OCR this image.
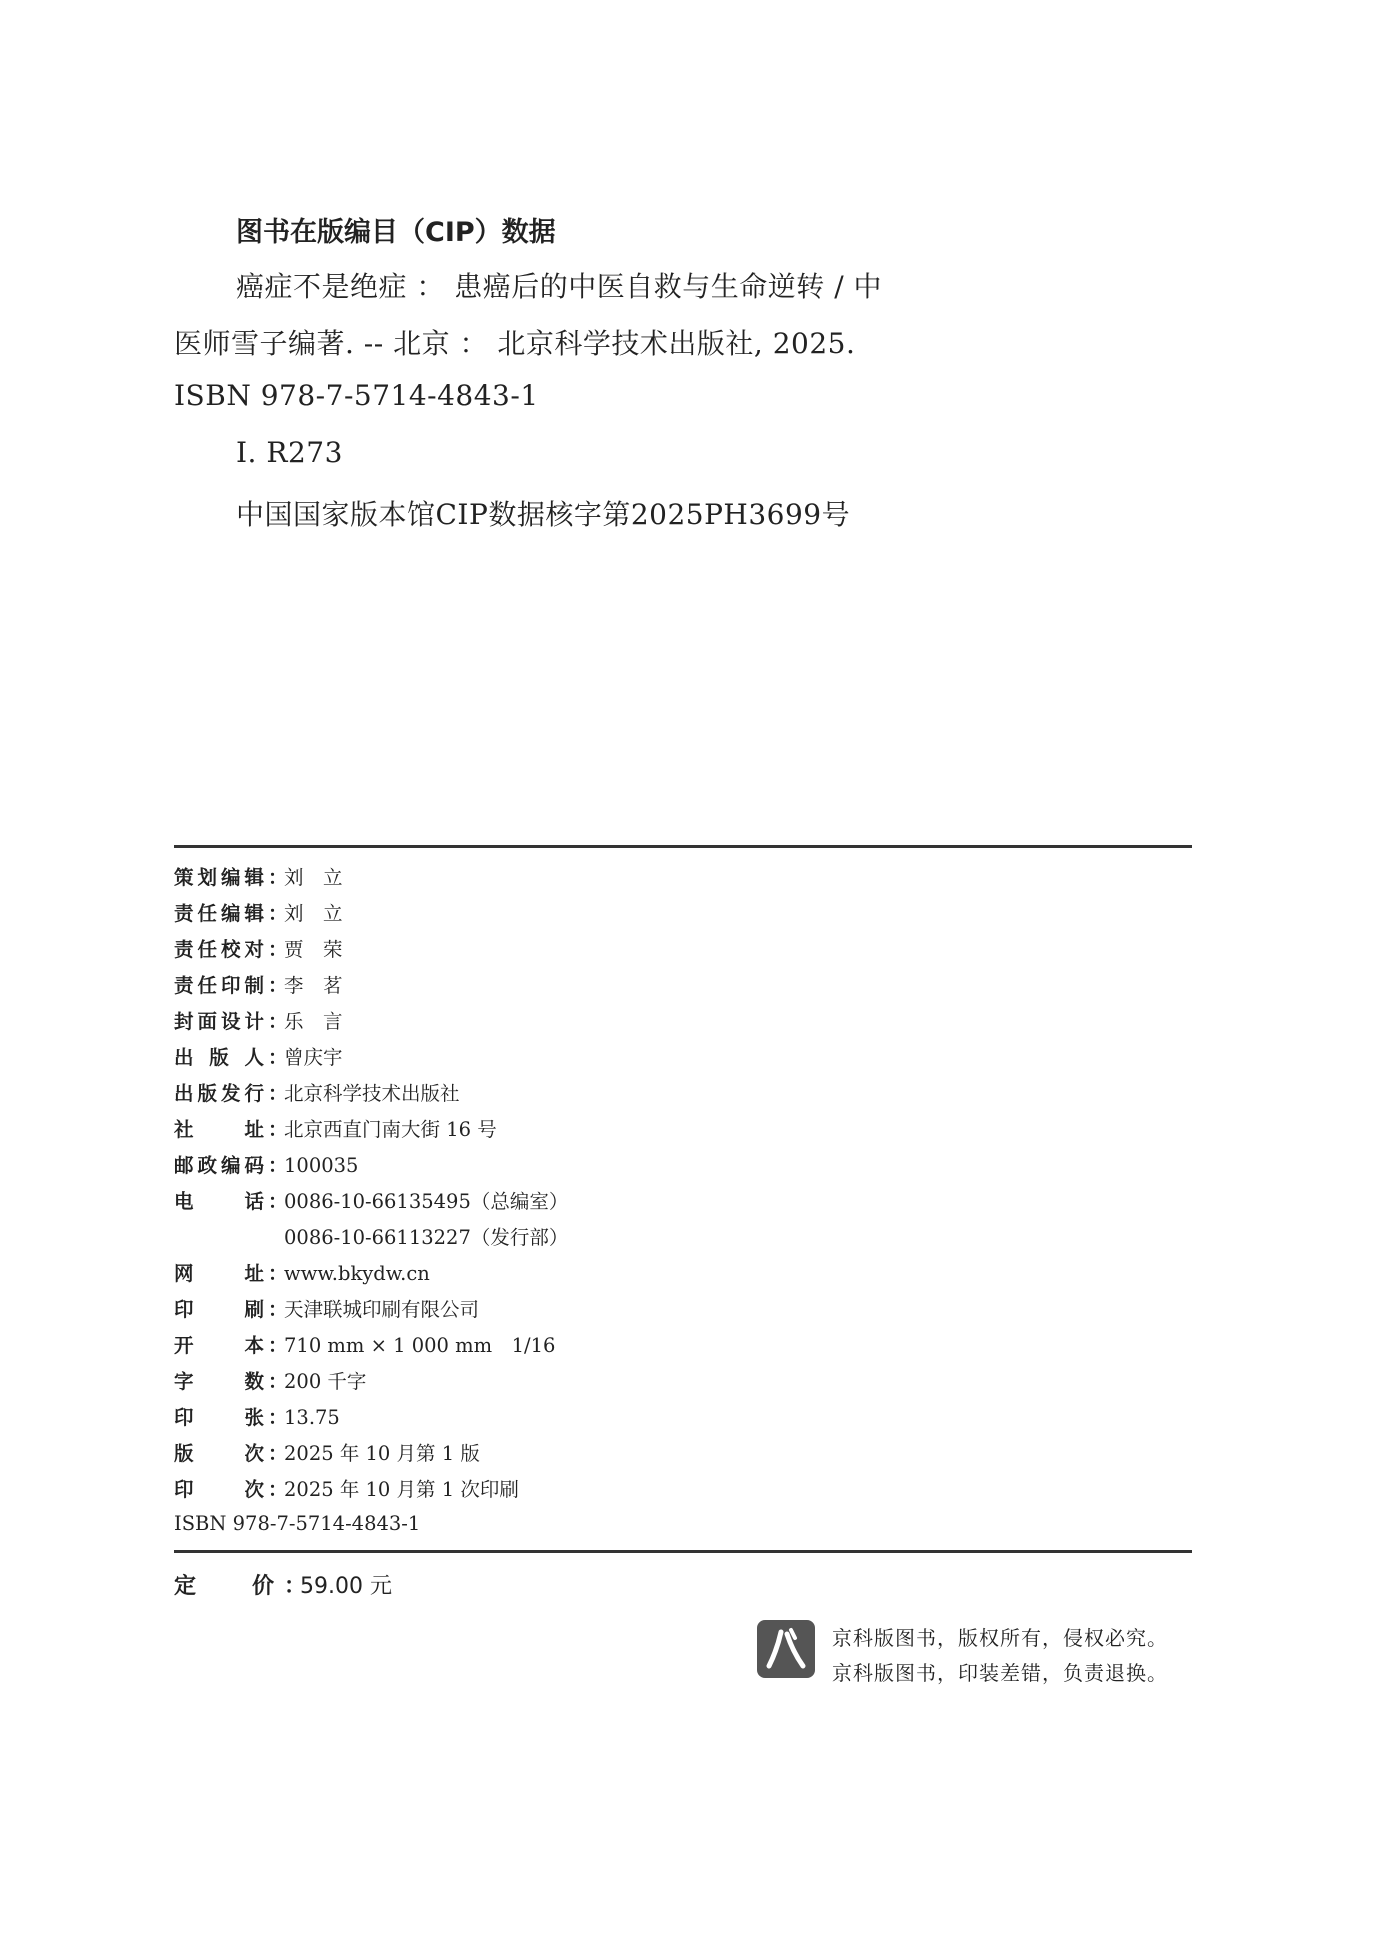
图书在版编目（CIP）数据
癌症不是绝症 ： 患癌后的中医自救与生命逆转 / 中
医师雪子编著. -- 北京 ： 北京科学技术出版社, 2025.
ISBN 978-7-5714-4843-1
Ⅰ. R273
中国国家版本馆CIP数据核字第2025PH3699号
策 划 编 辑 ：
刘　立
责 任 编 辑 ：
刘　立
责 任 校 对 ：
贾　荣
责 任 印 制 ：
李　茗
封 面 设 计 ：
乐　言
出 版 人 ：
曾庆宇
出 版 发 行 ：
北京科学技术出版社
社	址 ：
北京西直门南大街 16 号
邮 政 编 码 ：
100035
电	话 ：
0086-10-66135495（总编室）
0086-10-66113227（发行部）
网	址 ：
www.bkydw.cn
印	刷 ：
天津联城印刷有限公司
开	本 ：
710 mm × 1 000 mm　1/16
字	数 ：
200 千字
印	张 ：
13.75
版	次 ：
2025 年 10 月第 1 版
印	次 ：
2025 年 10 月第 1 次印刷
ISBN 978-7-5714-4843-1
定	价 ：
59.00 元
京科版图书，版权所有，侵权必究。
京科版图书，印装差错，负责退换。
